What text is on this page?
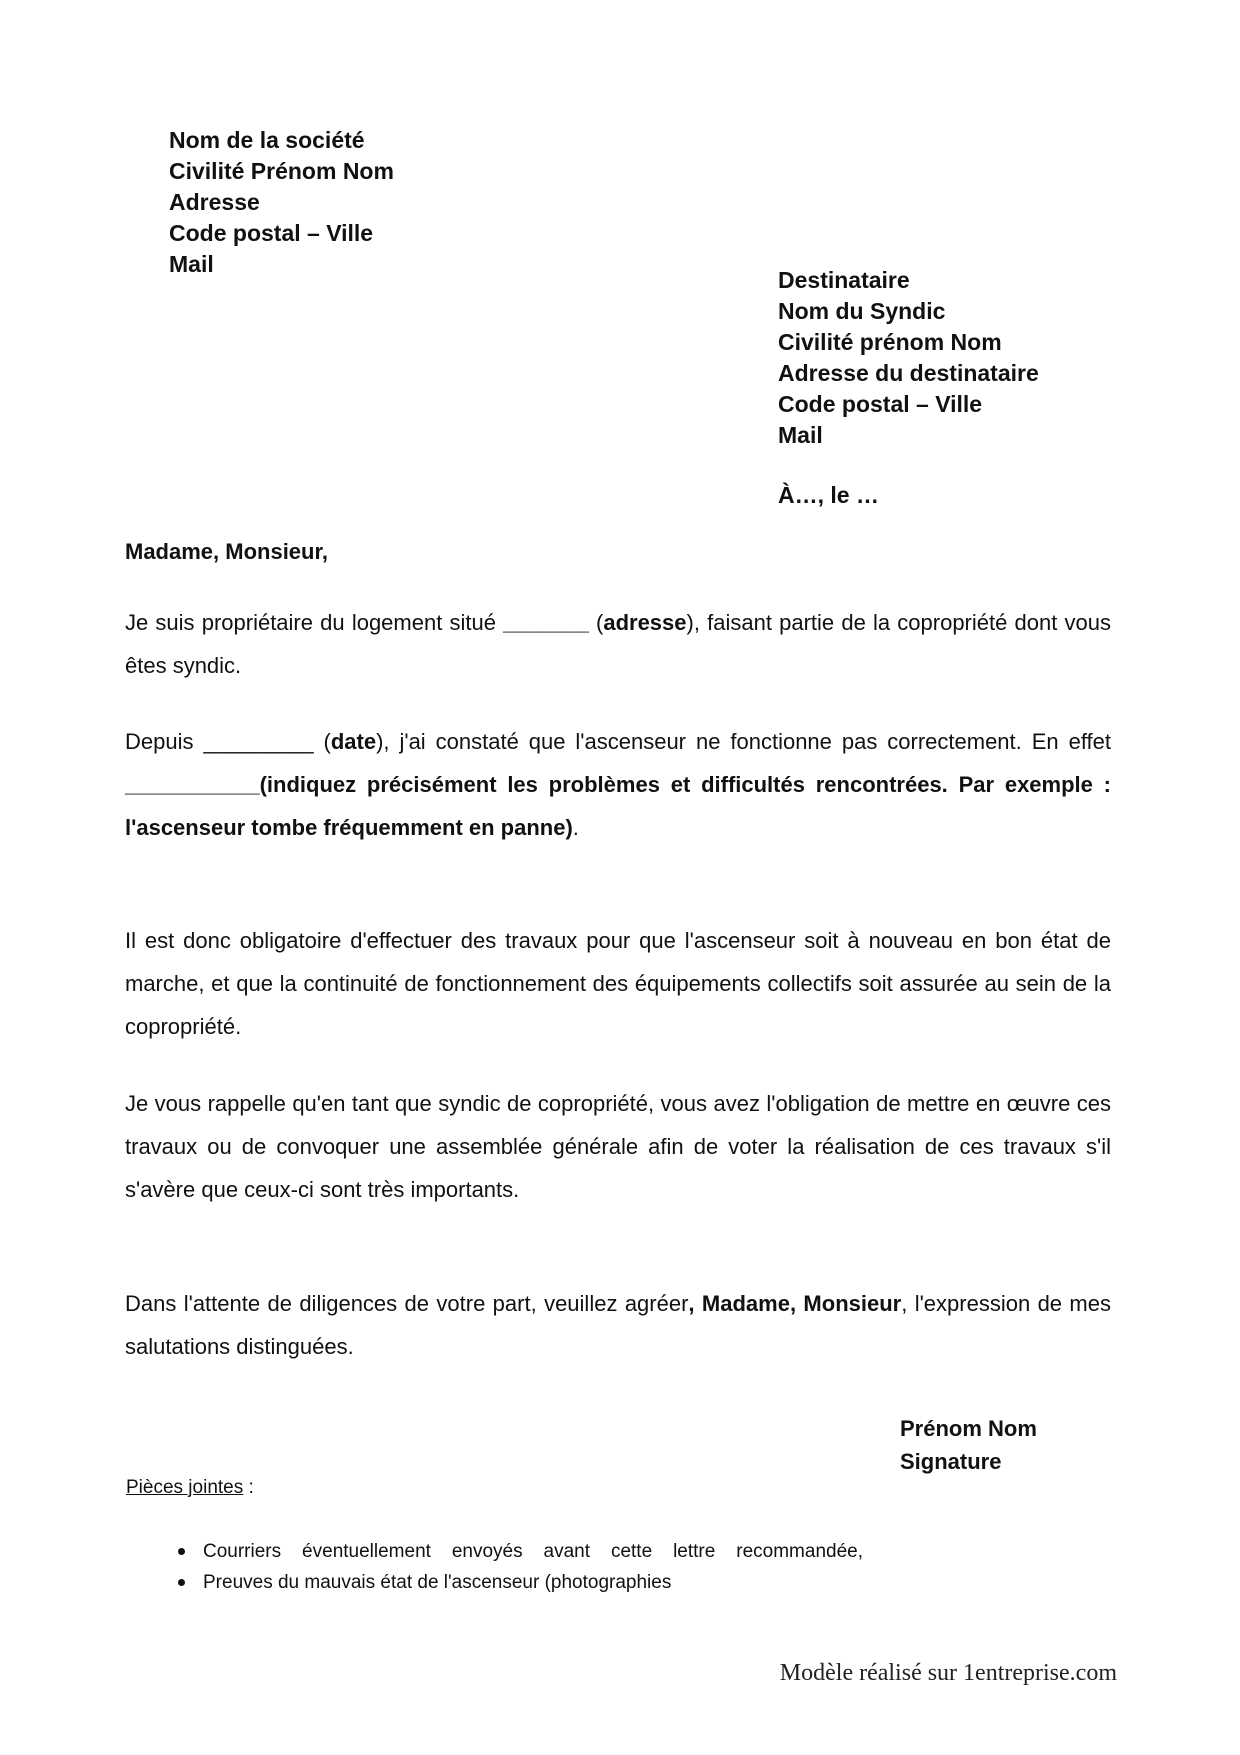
Nom de la société
Civilité Prénom Nom
Adresse
Code postal – Ville
Mail
Destinataire
Nom du Syndic
Civilité prénom Nom
Adresse du destinataire
Code postal – Ville
Mail
À…, le …
Madame, Monsieur,

Je suis propriétaire du logement situé _______ (adresse), faisant partie de la copropriété dont vous êtes syndic.

Depuis _________ (date), j'ai constaté que l'ascenseur ne fonctionne pas correctement. En effet ___________(indiquez précisément les problèmes et difficultés rencontrées. Par exemple : l'ascenseur tombe fréquemment en panne).

Il est donc obligatoire d'effectuer des travaux pour que l'ascenseur soit à nouveau en bon état de marche, et que la continuité de fonctionnement des équipements collectifs soit assurée au sein de la copropriété.

Je vous rappelle qu'en tant que syndic de copropriété, vous avez l'obligation de mettre en œuvre ces travaux ou de convoquer une assemblée générale afin de voter la réalisation de ces travaux s'il s'avère que ceux-ci sont très importants.

Dans l'attente de diligences de votre part, veuillez agréer, Madame, Monsieur, l'expression de mes salutations distinguées.

Prénom Nom
Signature
Pièces jointes :
Courriers éventuellement envoyés avant cette lettre recommandée,
Preuves du mauvais état de l'ascenseur (photographies
Modèle réalisé sur 1entreprise.com
